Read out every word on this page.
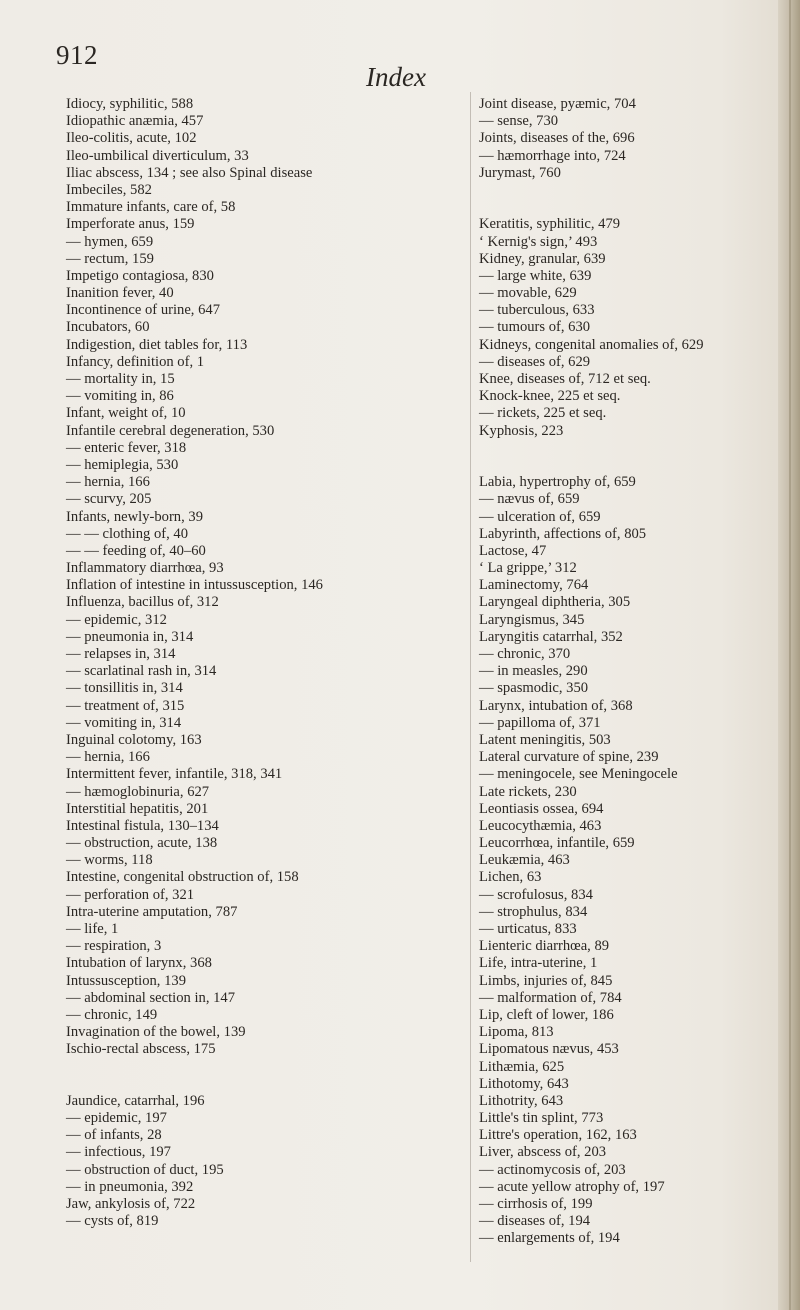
912
Index
Idiocy, syphilitic, 588
Idiopathic anæmia, 457
Ileo-colitis, acute, 102
Ileo-umbilical diverticulum, 33
Iliac abscess, 134 ; see also Spinal disease
Imbeciles, 582
Immature infants, care of, 58
Imperforate anus, 159
— hymen, 659
— rectum, 159
Impetigo contagiosa, 830
Inanition fever, 40
Incontinence of urine, 647
Incubators, 60
Indigestion, diet tables for, 113
Infancy, definition of, 1
— mortality in, 15
— vomiting in, 86
Infant, weight of, 10
Infantile cerebral degeneration, 530
— enteric fever, 318
— hemiplegia, 530
— hernia, 166
— scurvy, 205
Infants, newly-born, 39
— — clothing of, 40
— — feeding of, 40–60
Inflammatory diarrhœa, 93
Inflation of intestine in intussusception, 146
Influenza, bacillus of, 312
— epidemic, 312
— pneumonia in, 314
— relapses in, 314
— scarlatinal rash in, 314
— tonsillitis in, 314
— treatment of, 315
— vomiting in, 314
Inguinal colotomy, 163
— hernia, 166
Intermittent fever, infantile, 318, 341
— hæmoglobinuria, 627
Interstitial hepatitis, 201
Intestinal fistula, 130–134
— obstruction, acute, 138
— worms, 118
Intestine, congenital obstruction of, 158
— perforation of, 321
Intra-uterine amputation, 787
— life, 1
— respiration, 3
Intubation of larynx, 368
Intussusception, 139
— abdominal section in, 147
— chronic, 149
Invagination of the bowel, 139
Ischio-rectal abscess, 175
Jaundice, catarrhal, 196
— epidemic, 197
— of infants, 28
— infectious, 197
— obstruction of duct, 195
— in pneumonia, 392
Jaw, ankylosis of, 722
— cysts of, 819
Joint disease, pyæmic, 704
— sense, 730
Joints, diseases of the, 696
— hæmorrhage into, 724
Jurymast, 760
Keratitis, syphilitic, 479
‘ Kernig's sign,’ 493
Kidney, granular, 639
— large white, 639
— movable, 629
— tuberculous, 633
— tumours of, 630
Kidneys, congenital anomalies of, 629
— diseases of, 629
Knee, diseases of, 712 et seq.
Knock-knee, 225 et seq.
— rickets, 225 et seq.
Kyphosis, 223
Labia, hypertrophy of, 659
— nævus of, 659
— ulceration of, 659
Labyrinth, affections of, 805
Lactose, 47
‘ La grippe,’ 312
Laminectomy, 764
Laryngeal diphtheria, 305
Laryngismus, 345
Laryngitis catarrhal, 352
— chronic, 370
— in measles, 290
— spasmodic, 350
Larynx, intubation of, 368
— papilloma of, 371
Latent meningitis, 503
Lateral curvature of spine, 239
— meningocele, see Meningocele
Late rickets, 230
Leontiasis ossea, 694
Leucocythæmia, 463
Leucorrhœa, infantile, 659
Leukæmia, 463
Lichen, 63
— scrofulosus, 834
— strophulus, 834
— urticatus, 833
Lienteric diarrhœa, 89
Life, intra-uterine, 1
Limbs, injuries of, 845
— malformation of, 784
Lip, cleft of lower, 186
Lipoma, 813
Lipomatous nævus, 453
Lithæmia, 625
Lithotomy, 643
Lithotrity, 643
Little's tin splint, 773
Littre's operation, 162, 163
Liver, abscess of, 203
— actinomycosis of, 203
— acute yellow atrophy of, 197
— cirrhosis of, 199
— diseases of, 194
— enlargements of, 194
